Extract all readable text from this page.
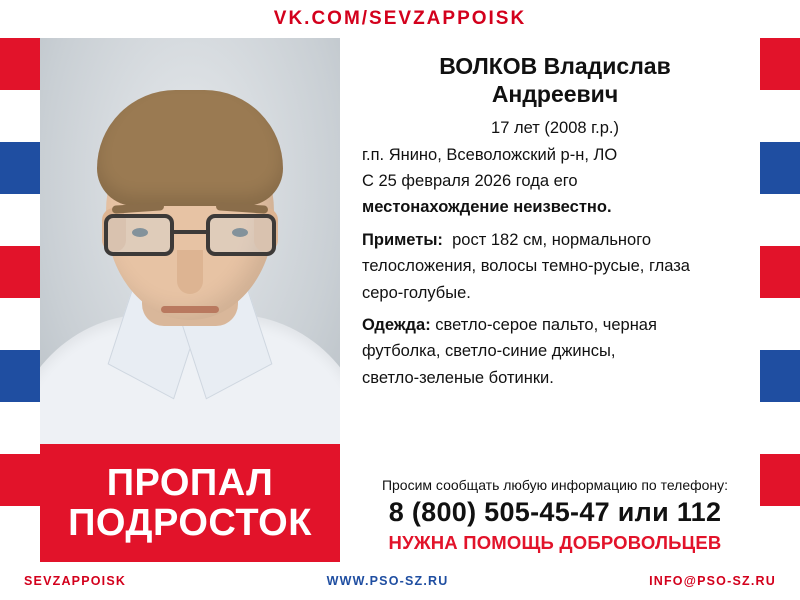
VK.COM/SEVZAPPOISK
ПРОПАЛ
ПОДРОСТОК
ВОЛКОВ Владислав
Андреевич
17 лет (2008 г.р.)
г.п. Янино, Всеволожский р-н, ЛО
С 25 февраля 2026 года его
местонахождение неизвестно.
Приметы: рост 182 см, нормального
телосложения, волосы темно-русые, глаза
серо-голубые.
Одежда: светло-серое пальто, черная
футболка, светло-синие джинсы,
светло-зеленые ботинки.
Просим сообщать любую информацию по телефону:
8 (800) 505-45-47 или 112
НУЖНА ПОМОЩЬ ДОБРОВОЛЬЦЕВ
SEVZAPPOISK	WWW.PSO-SZ.RU	INFO@PSO-SZ.RU
